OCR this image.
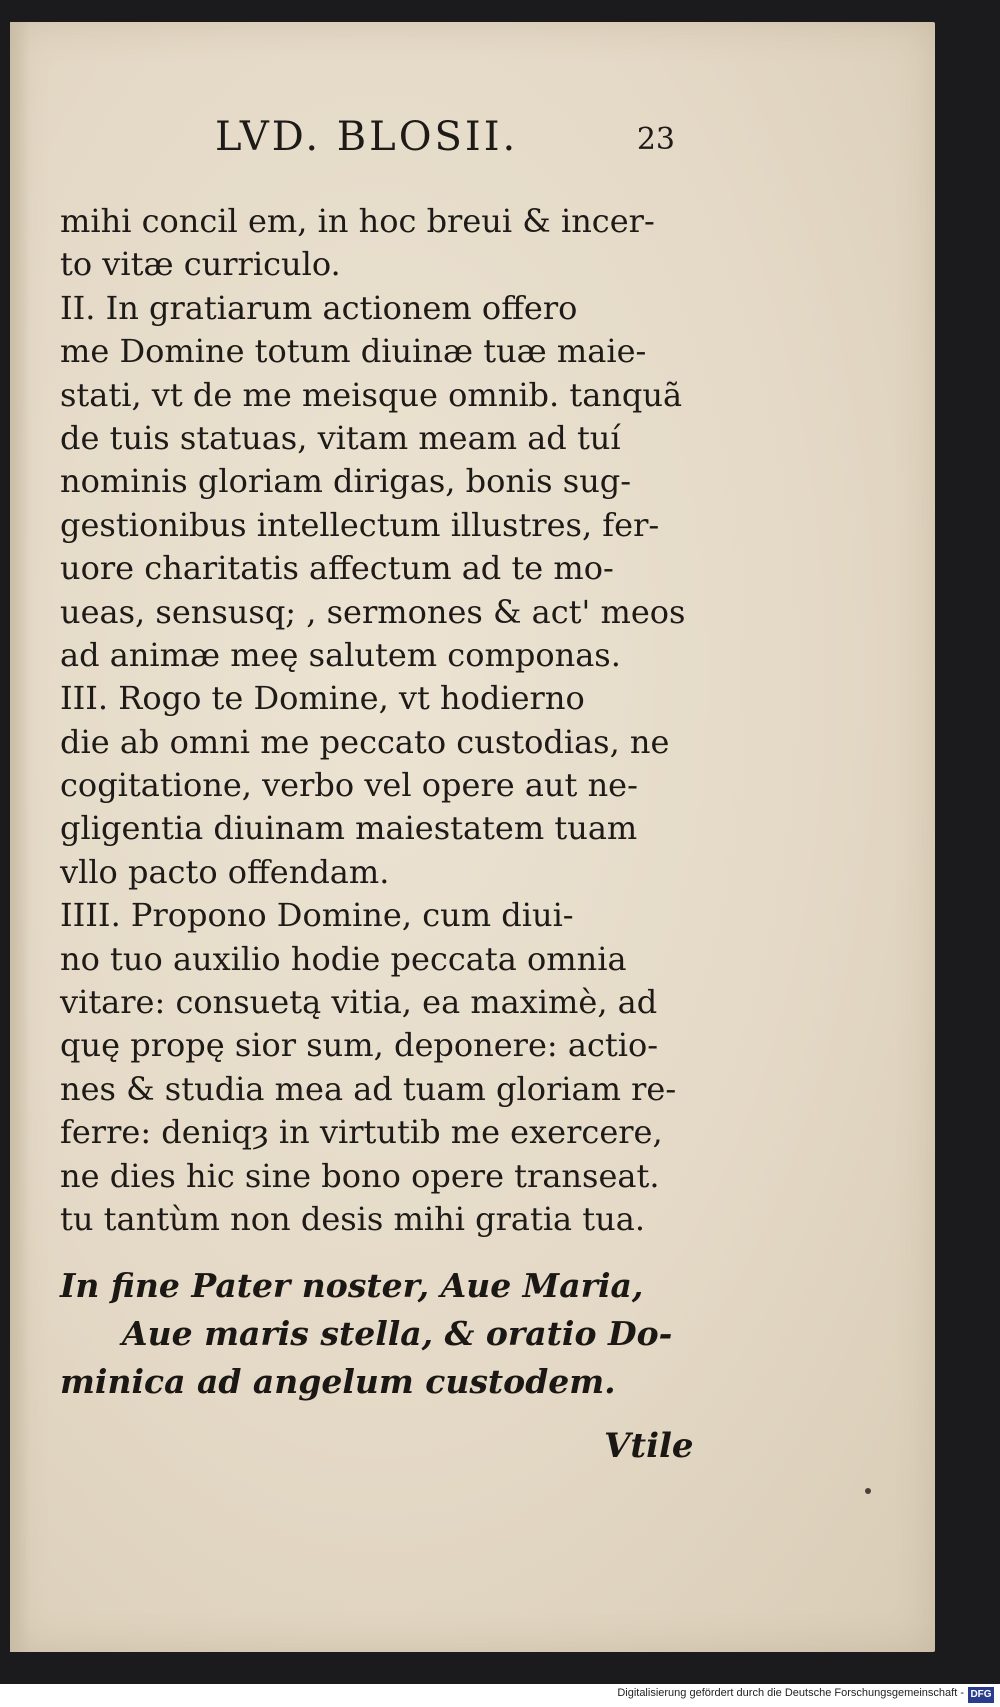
LVD. BLOSII.	23
mihi concil em, in hoc breui & incer-
to vitæ curriculo.
II. In gratiarum actionem offero
me Domine totum diuinæ tuæ maie-
stati, vt de me meisque omnib. tanquã
de tuis statuas, vitam meam ad tuí
nominis gloriam dirigas, bonis sug-
gestionibus intellectum illustres, fer-
uore charitatis affectum ad te mo-
ueas, sensusq; , sermones & act' meos
ad animæ meę salutem componas.
III. Rogo te Domine, vt hodierno
die ab omni me peccato custodias, ne
cogitatione, verbo vel opere aut ne-
gligentia diuinam maiestatem tuam
vllo pacto offendam.
IIII. Propono Domine, cum diui-
no tuo auxilio hodie peccata omnia
vitare: consuetą vitia, ea maximè, ad
quę propę sior sum, deponere: actio-
nes & studia mea ad tuam gloriam re-
ferre: deniqȝ in virtutib me exercere,
ne dies hic sine bono opere transeat.
tu tantùm non desis mihi gratia tua.
In fine Pater noster, Aue Maria,
Aue maris stella, & oratio Do-
minica ad angelum custodem.
Vtile
Digitalisierung gefördert durch die Deutsche Forschungsgemeinschaft - DFG
